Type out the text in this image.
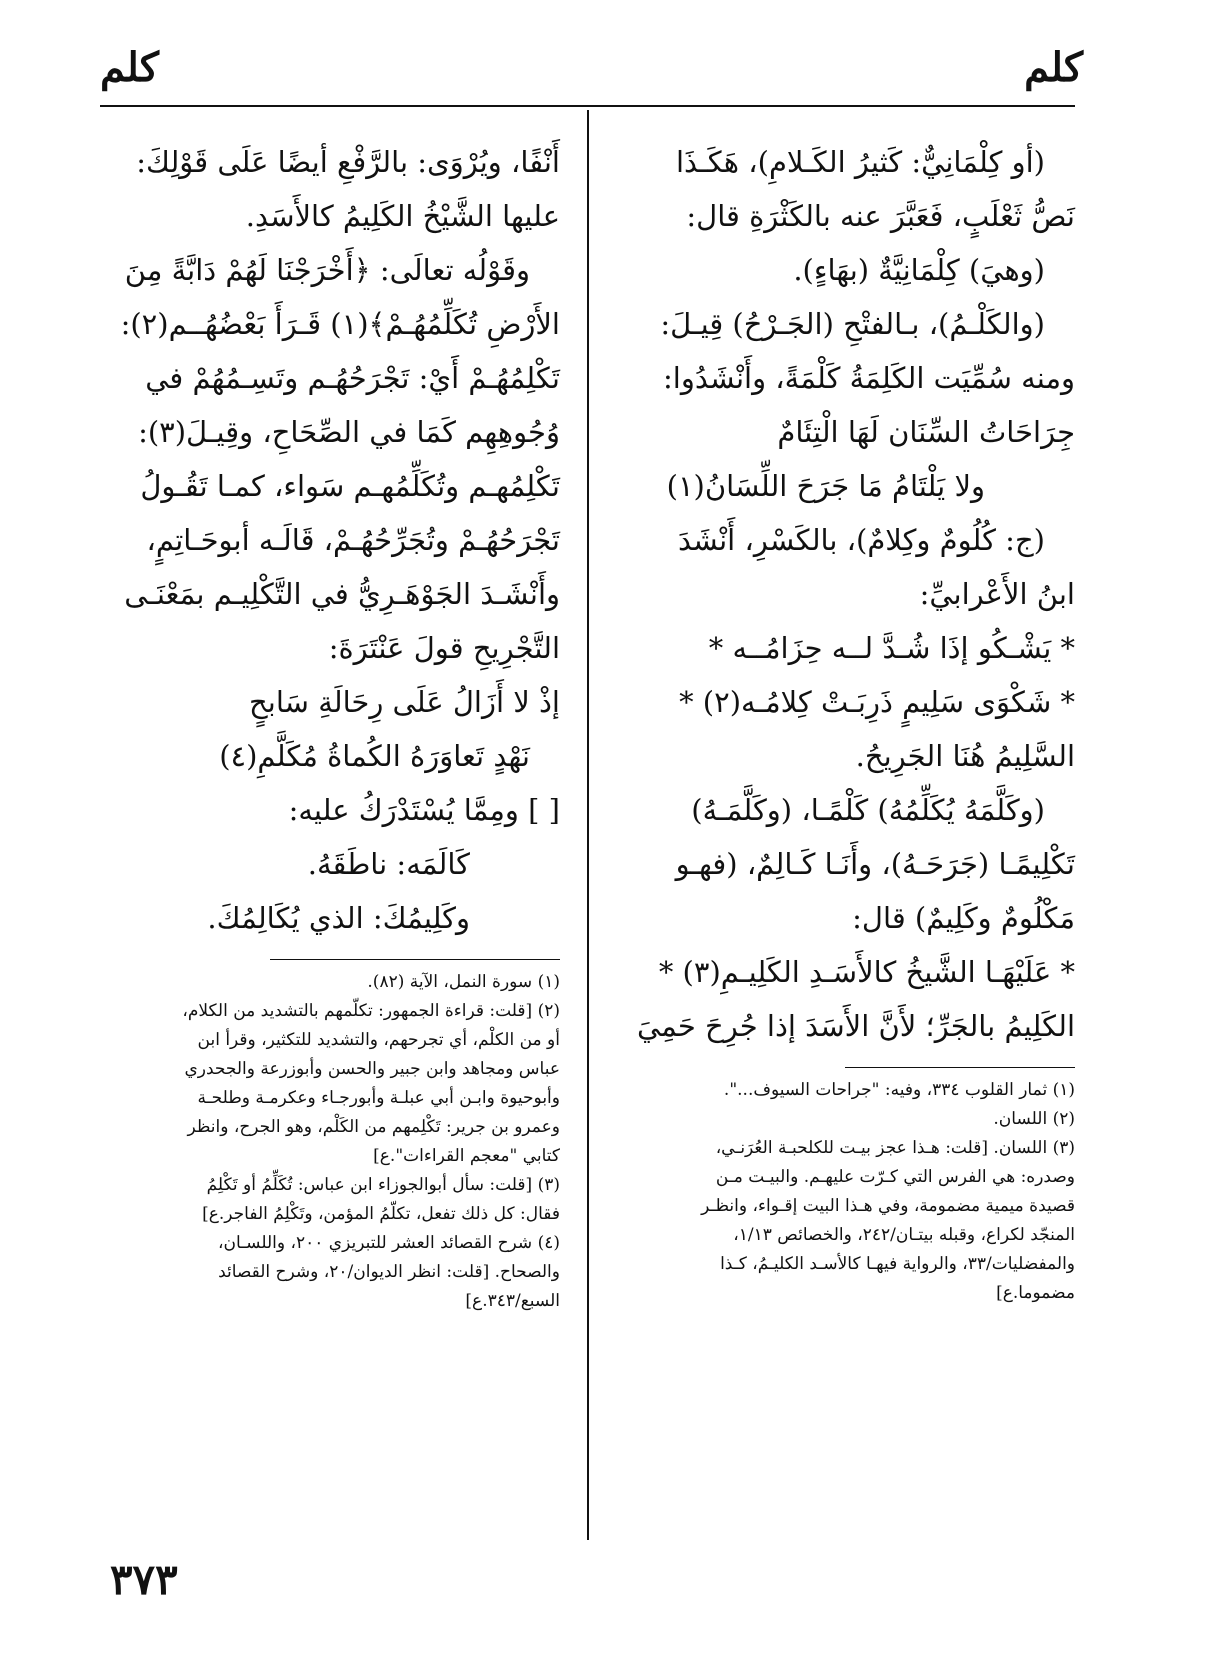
كلم
كلم
(أو كِلْمَانِيٌّ: كَثيرُ الكَـلامِ)، هَكَـذَا
نَصُّ ثَعْلَبٍ، فَعَبَّرَ عنه بالكَثْرَةِ قال:
(وهيَ) كِلْمَانِيَّةٌ (بهَاءٍ).
(والكَلْـمُ)، بـالفتْحِ (الجَـرْحُ) قِيـلَ:
ومنه سُمِّيَت الكَلِمَةُ كَلْمَةً، وأَنْشَدُوا:
جِرَاحَاتُ السِّنَان لَهَا الْتِئَامٌ
ولا يَلْتَامُ مَا جَرَحَ اللِّسَانُ(١)
(ج: كُلُومٌ وكِلامٌ)، بالكَسْرِ، أَنْشَدَ
ابنُ الأَعْرابيِّ:
* يَشْـكُو إذَا شُـدَّ لــه حِزَامُــه *
* شَكْوَى سَلِيمٍ ذَرِبَـتْ كِلامُـه(٢) *
السَّلِيمُ هُنَا الجَرِيحُ.
(وكَلَّمَهُ يُكَلِّمُهُ) كَلْمًـا، (وكَلَّمَـهُ)
تَكْلِيمًـا (جَرَحَـهُ)، وأَنَـا كَـالِمٌ، (فهـو
مَكْلُومٌ وكَلِيمٌ) قال:
* عَلَيْهَـا الشَّيخُ كالأَسَـدِ الكَلِيـمِ(٣) *
الكَلِيمُ بالجَرِّ؛ لأَنَّ الأَسَدَ إذا جُرِحَ حَمِيَ
(١) ثمار القلوب ٣٣٤، وفيه: "جراحات السيوف...".
(٢) اللسان.
(٣) اللسان. [قلت: هـذا عجز بيـت للكلحبـة العُرَنـي،
وصدره: هي الفرس التي كـرّت عليهـم. والبيـت مـن
قصيدة ميمية مضمومة، وفي هـذا البيت إقـواء، وانظـر
المنجّد لكراع، وقبله بيتـان/٢٤٢، والخصائص ١/١٣،
والمفضليات/٣٣، والرواية فيهـا كالأسـد الكليـمُ، كـذا
مضموما.ع]
أَنْفًا، ويُرْوَى: بالرَّفْعِ أيضًا عَلَى قَوْلِكَ:
عليها الشَّيْخُ الكَلِيمُ كالأَسَدِ.
وقَوْلُه تعالَى: ﴿أَخْرَجْنَا لَهُمْ دَابَّةً مِنَ
الأَرْضِ تُكَلِّمُهُـمْ﴾(١) قَـرَأَ بَعْضُهُــم(٢):
تَكْلِمُهُـمْ أَيْ: تَجْرَحُهُـم وتَسِـمُهُمْ في
وُجُوهِهِم كَمَا في الصِّحَاحِ، وقِيـلَ(٣):
تَكْلِمُهـم وتُكَلِّمُهـم سَواء، كمـا تَقُـولُ
تَجْرَحُهُـمْ وتُجَرِّحُهُـمْ، قَالَـه أبوحَـاتِمٍ،
وأَنْشَـدَ الجَوْهَـرِيُّ في التَّكْلِيـم بمَعْنَـى
التَّجْرِيحِ قولَ عَنْتَرَةَ:
إذْ لا أَزَالُ عَلَى رِحَالَةِ سَابحٍ
نَهْدٍ تَعاوَرَهُ الكُماةُ مُكَلَّمِ(٤)
[ ] ومِمَّا يُسْتَدْرَكُ عليه:
كَالَمَه: ناطَقَهُ.
وكَلِيمُكَ: الذي يُكَالِمُكَ.
(١) سورة النمل، الآية (٨٢).
(٢) [قلت: قراءة الجمهور: تكلّمهم بالتشديد من الكلام،
أو من الكلْم، أي تجرحهم، والتشديد للتكثير، وقرأ ابن
عباس ومجاهد وابن جبير والحسن وأبوزرعة والجحدري
وأبوحيوة وابـن أبي عبلـة وأبورجـاء وعكرمـة وطلحـة
وعمرو بن جرير: تَكْلِمهم من الكَلْم، وهو الجرح، وانظر
كتابي "معجم القراءات".ع]
(٣) [قلت: سأل أبوالجوزاء ابن عباس: تُكَلِّمُ أو تَكْلِمُ
فقال: كل ذلك تفعل، تكلّمُ المؤمن، وتَكْلِمُ الفاجر.ع]
(٤) شرح القصائد العشر للتبريزي ٢٠٠، واللسـان،
والصحاح. [قلت: انظر الديوان/٢٠، وشرح القصائد
السبع/٣٤٣.ع]
٣٧٣
